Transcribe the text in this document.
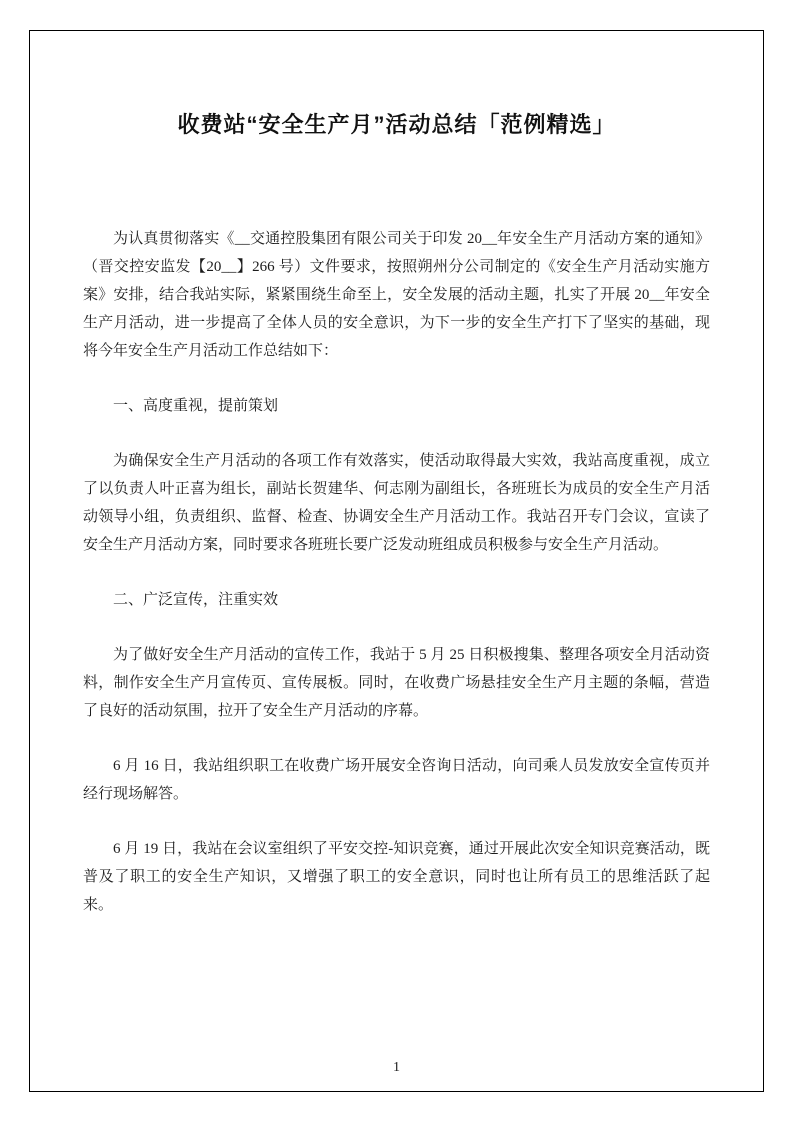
收费站“安全生产月”活动总结「范例精选」

为认真贯彻落实《__交通控股集团有限公司关于印发 20__年安全生产月活动方案的通知》（晋交控安监发【20__】266 号）文件要求，按照朔州分公司制定的《安全生产月活动实施方案》安排，结合我站实际，紧紧围绕生命至上，安全发展的活动主题，扎实了开展 20__年安全生产月活动，进一步提高了全体人员的安全意识，为下一步的安全生产打下了坚实的基础，现将今年安全生产月活动工作总结如下：

一、高度重视，提前策划

为确保安全生产月活动的各项工作有效落实，使活动取得最大实效，我站高度重视，成立了以负责人叶正喜为组长，副站长贺建华、何志刚为副组长，各班班长为成员的安全生产月活动领导小组，负责组织、监督、检查、协调安全生产月活动工作。我站召开专门会议，宣读了安全生产月活动方案，同时要求各班班长要广泛发动班组成员积极参与安全生产月活动。

二、广泛宣传，注重实效

为了做好安全生产月活动的宣传工作，我站于 5 月 25 日积极搜集、整理各项安全月活动资料，制作安全生产月宣传页、宣传展板。同时，在收费广场悬挂安全生产月主题的条幅，营造了良好的活动氛围，拉开了安全生产月活动的序幕。

6 月 16 日，我站组织职工在收费广场开展安全咨询日活动，向司乘人员发放安全宣传页并经行现场解答。

6 月 19 日，我站在会议室组织了平安交控-知识竞赛，通过开展此次安全知识竞赛活动，既普及了职工的安全生产知识，又增强了职工的安全意识，同时也让所有员工的思维活跃了起来。

1
